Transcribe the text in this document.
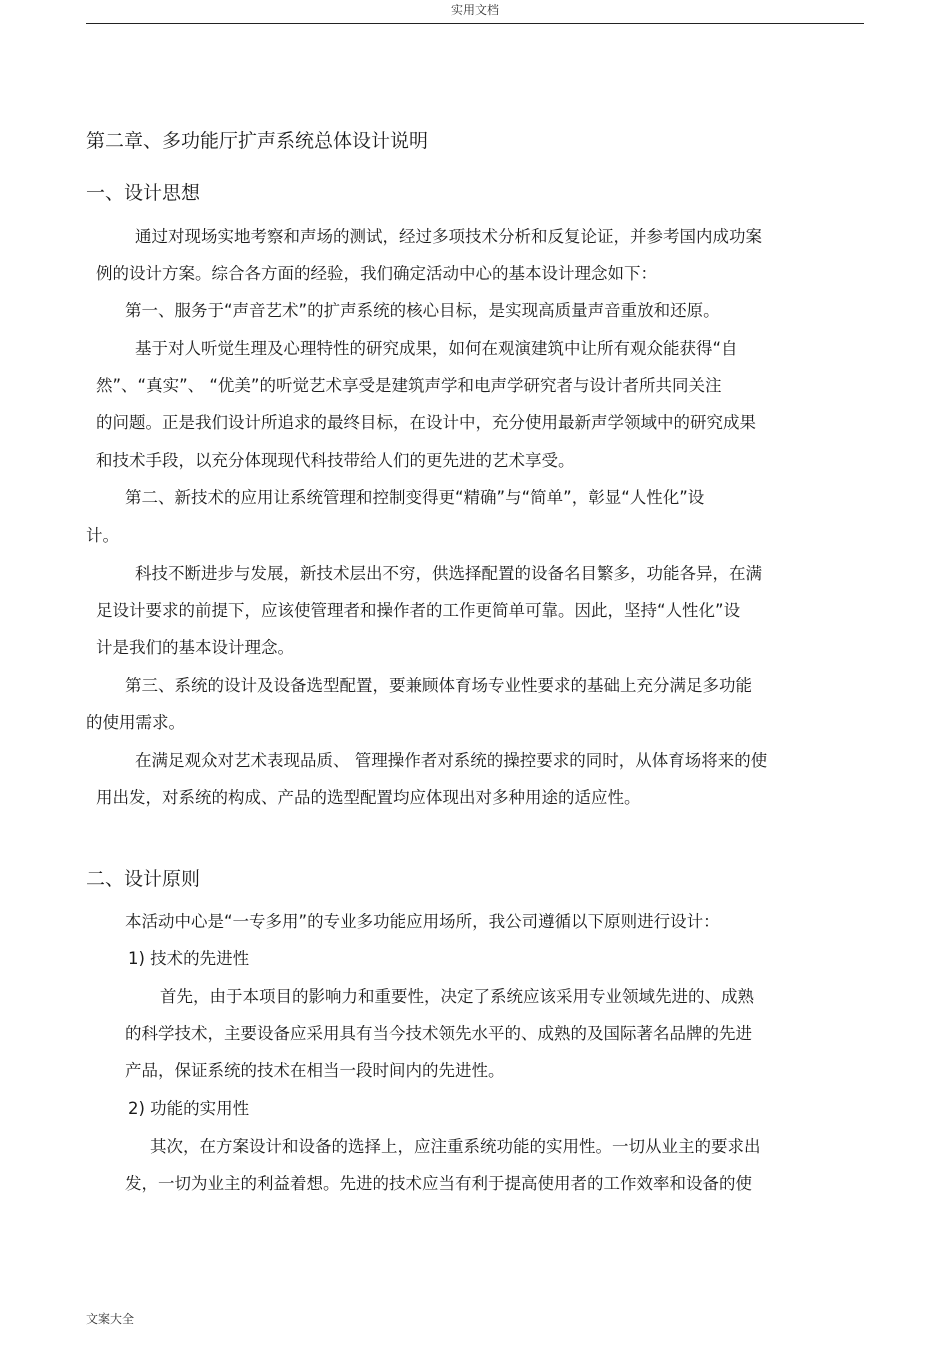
实用文档
第二章、多功能厅扩声系统总体设计说明
一、设计思想
通过对现场实地考察和声场的测试，经过多项技术分析和反复论证，并参考国内成功案
例的设计方案。综合各方面的经验，我们确定活动中心的基本设计理念如下：
第一、服务于“声音艺术”的扩声系统的核心目标，是实现高质量声音重放和还原。
基于对人听觉生理及心理特性的研究成果，如何在观演建筑中让所有观众能获得“自
然”、“真实”、 “优美”的听觉艺术享受是建筑声学和电声学研究者与设计者所共同关注
的问题。正是我们设计所追求的最终目标，在设计中，充分使用最新声学领域中的研究成果
和技术手段，以充分体现现代科技带给人们的更先进的艺术享受。
第二、新技术的应用让系统管理和控制变得更“精确”与“简单”，彰显“人性化”设
计。
科技不断进步与发展，新技术层出不穷，供选择配置的设备名目繁多，功能各异，在满
足设计要求的前提下，应该使管理者和操作者的工作更简单可靠。因此，坚持“人性化”设
计是我们的基本设计理念。
第三、系统的设计及设备选型配置，要兼顾体育场专业性要求的基础上充分满足多功能
的使用需求。
在满足观众对艺术表现品质、 管理操作者对系统的操控要求的同时，从体育场将来的使
用出发，对系统的构成、产品的选型配置均应体现出对多种用途的适应性。
二、设计原则
本活动中心是“一专多用”的专业多功能应用场所，我公司遵循以下原则进行设计：
1) 技术的先进性
首先，由于本项目的影响力和重要性，决定了系统应该采用专业领域先进的、成熟
的科学技术，主要设备应采用具有当今技术领先水平的、成熟的及国际著名品牌的先进
产品，保证系统的技术在相当一段时间内的先进性。
2) 功能的实用性
其次，在方案设计和设备的选择上，应注重系统功能的实用性。一切从业主的要求出
发，一切为业主的利益着想。先进的技术应当有利于提高使用者的工作效率和设备的使
文案大全
